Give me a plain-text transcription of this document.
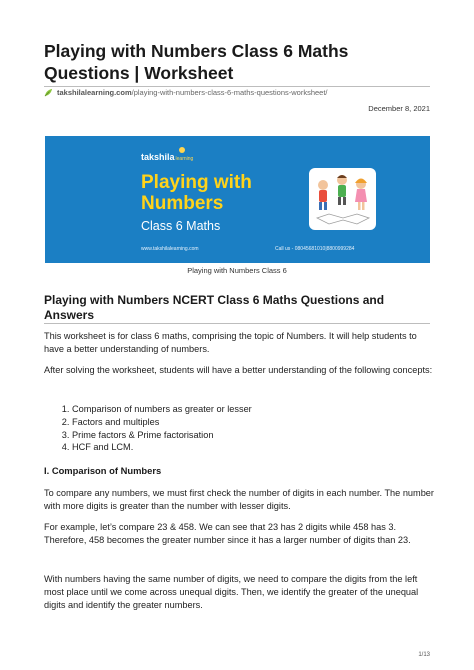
Playing with Numbers Class 6 Maths Questions | Worksheet
takshilalearning.com /playing-with-numbers-class-6-maths-questions-worksheet/
December 8, 2021
takshilalearning
Playing with
Numbers
Class 6 Maths
www.takshilalearning.com	Call us - 08045681010|8800999284
Playing with Numbers Class 6
Playing with Numbers NCERT Class 6 Maths Questions and Answers
This worksheet is for class 6 maths, comprising the topic of Numbers. It will help students to have a better understanding of numbers.
After solving the worksheet, students will have a better understanding of the following concepts:
1. Comparison of numbers as greater or lesser
2. Factors and multiples
3. Prime factors & Prime factorisation
4. HCF and LCM.
I. Comparison of Numbers
To compare any numbers, we must first check the number of digits in each number. The number with more digits is greater than the number with lesser digits.
For example, let’s compare 23 & 458. We can see that 23 has 2 digits while 458 has 3. Therefore, 458 becomes the greater number since it has a larger number of digits than 23.
With numbers having the same number of digits, we need to compare the digits from the left most place until we come across unequal digits. Then, we identify the greater of the unequal digits and identify the greater numbers.
1/13
